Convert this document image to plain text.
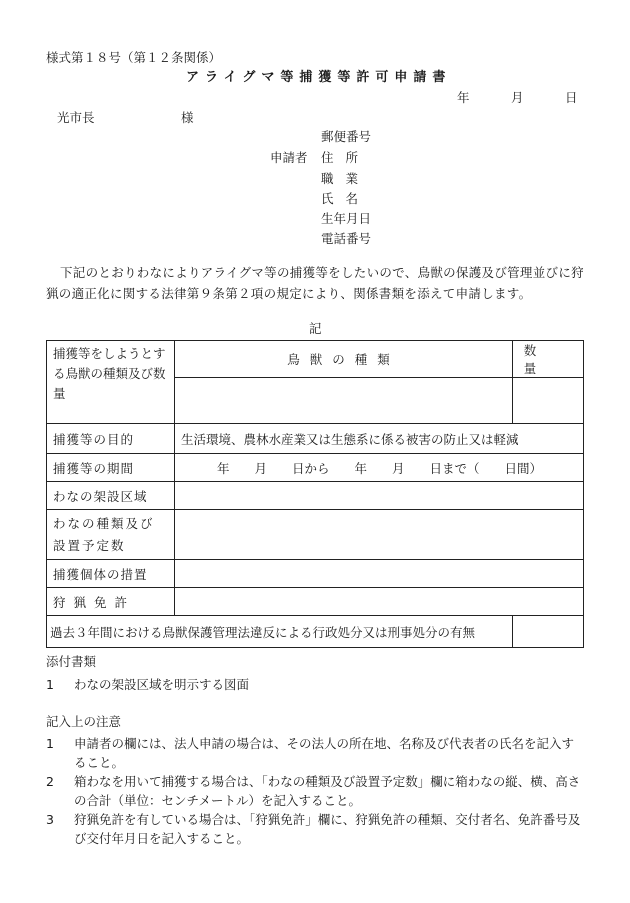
様式第１８号（第１２条関係）
アライグマ等捕獲等許可申請書
年	月	日
光市長	様
申請者
郵便番号
住所
職業
氏名
生年月日
電話番号
下記のとおりわなによりアライグマ等の捕獲等をしたいので、鳥獣の保護及び管理並びに狩猟の適正化に関する法律第９条第２項の規定により、関係書類を添えて申請します。
記
捕獲等をしようとする鳥獣の種類及び数量	鳥獣の種類	数量

捕獲等の目的	生活環境、農林水産業又は生態系に係る被害の防止又は軽減	
捕獲等の期間	年　　月　　日から　　年　　月　　日まで（　　日間）	
わなの架設区域		
わなの種類及び設置予定数		
捕獲個体の措置		
狩猟免許		
過去３年間における鳥獣保護管理法違反による行政処分又は刑事処分の有無		
添付書類

1 わなの架設区域を明示する図面

記入上の注意

1 申請者の欄には、法人申請の場合は、その法人の所在地、名称及び代表者の氏名を記入すること。

2 箱わなを用いて捕獲する場合は、「わなの種類及び設置予定数」欄に箱わなの縦、横、高さの合計（単位：センチメートル）を記入すること。

3 狩猟免許を有している場合は、「狩猟免許」欄に、狩猟免許の種類、交付者名、免許番号及び交付年月日を記入すること。
